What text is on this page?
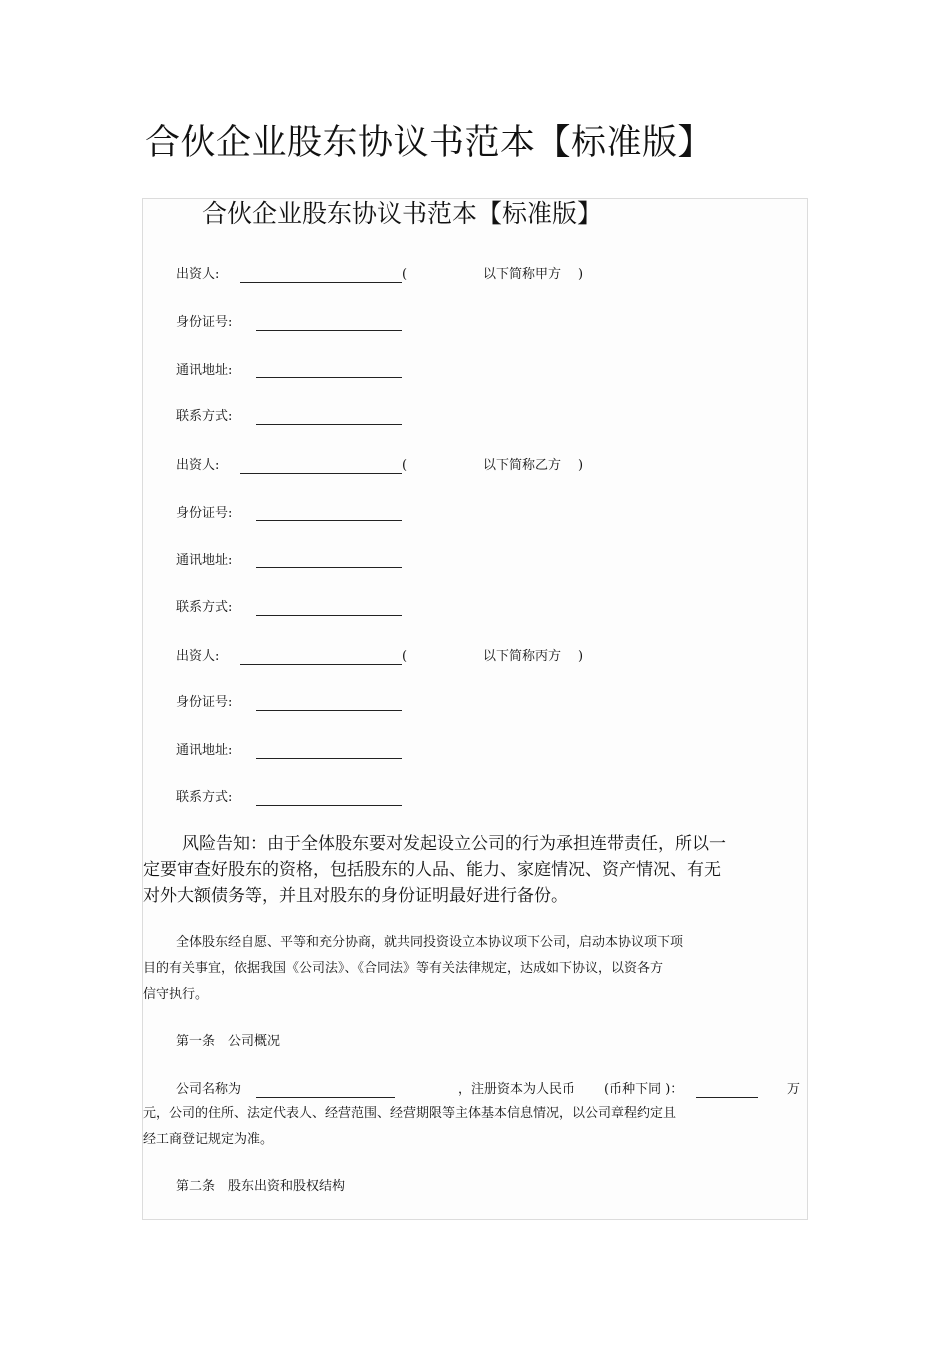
合伙企业股东协议书范本【标准版】
合伙企业股东协议书范本【标准版】
出资人:	(	以下简称甲方 )
身份证号:
通讯地址:
联系方式:
出资人:	(	以下简称乙方 )
身份证号:
通讯地址:
联系方式:
出资人:	(	以下简称丙方 )
身份证号:
通讯地址:
联系方式:
风险告知：由于全体股东要对发起设立公司的行为承担连带责任，所以一
定要审查好股东的资格，包括股东的人品、能力、家庭情况、资产情况、有无
对外大额债务等，并且对股东的身份证明最好进行备份。
全体股东经自愿、平等和充分协商，就共同投资设立本协议项下公司，启动本协议项下项
目的有关事宜，依据我国《公司法》、《合同法》等有关法律规定，达成如下协议，以资各方
信守执行。
第一条　公司概况
公司名称为	，注册资本为人民币 (币种下同 )：	万
元，公司的住所、法定代表人、经营范围、经营期限等主体基本信息情况，以公司章程约定且
经工商登记规定为准。
第二条　股东出资和股权结构
